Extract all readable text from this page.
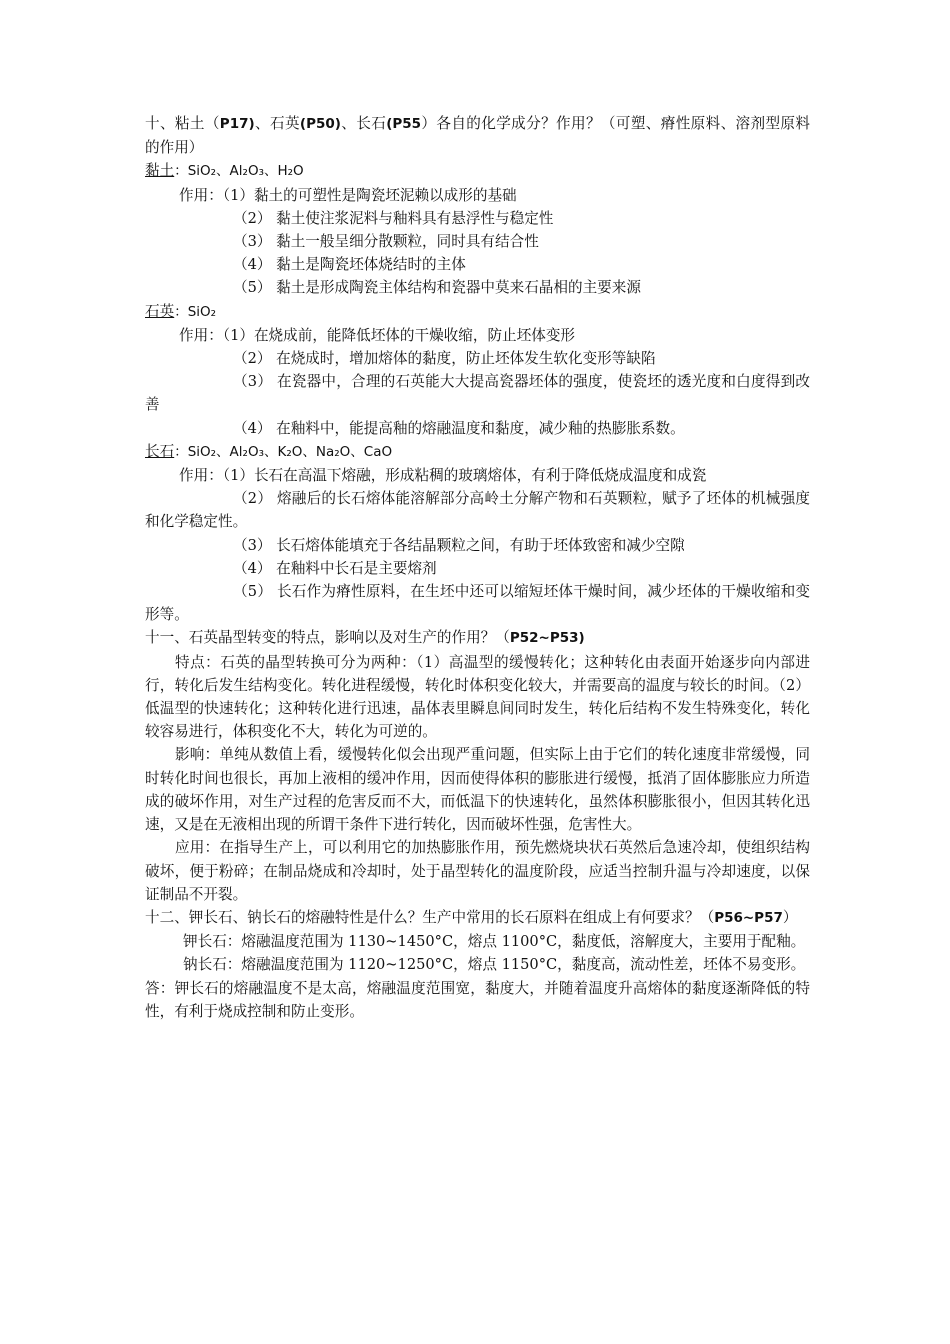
十、粘土（P17)、石英(P50)、长石(P55）各自的化学成分？作用？（可塑、瘠性原料、溶剂型原料的作用）

黏土：SiO₂、Al₂O₃、H₂O

作用：（1）黏土的可塑性是陶瓷坯泥赖以成形的基础

（2） 黏土使注浆泥料与釉料具有悬浮性与稳定性

（3） 黏土一般呈细分散颗粒，同时具有结合性

（4） 黏土是陶瓷坯体烧结时的主体

（5） 黏土是形成陶瓷主体结构和瓷器中莫来石晶相的主要来源

石英：SiO₂

作用：（1）在烧成前，能降低坯体的干燥收缩，防止坯体变形

（2） 在烧成时，增加熔体的黏度，防止坯体发生软化变形等缺陷

（3） 在瓷器中，合理的石英能大大提高瓷器坯体的强度，使瓷坯的透光度和白度得到改善

（4） 在釉料中，能提高釉的熔融温度和黏度，减少釉的热膨胀系数。

长石：SiO₂、Al₂O₃、K₂O、Na₂O、CaO

作用：（1）长石在高温下熔融，形成粘稠的玻璃熔体，有利于降低烧成温度和成瓷

（2） 熔融后的长石熔体能溶解部分高岭土分解产物和石英颗粒，赋予了坯体的机械强度和化学稳定性。

（3） 长石熔体能填充于各结晶颗粒之间，有助于坯体致密和减少空隙

（4） 在釉料中长石是主要熔剂

（5） 长石作为瘠性原料，在生坯中还可以缩短坯体干燥时间，减少坯体的干燥收缩和变形等。

十一、石英晶型转变的特点，影响以及对生产的作用？（P52~P53)

特点：石英的晶型转换可分为两种：（1）高温型的缓慢转化；这种转化由表面开始逐步向内部进行，转化后发生结构变化。转化进程缓慢，转化时体积变化较大，并需要高的温度与较长的时间。（2）低温型的快速转化；这种转化进行迅速，晶体表里瞬息间同时发生，转化后结构不发生特殊变化，转化较容易进行，体积变化不大，转化为可逆的。

影响：单纯从数值上看，缓慢转化似会出现严重问题，但实际上由于它们的转化速度非常缓慢，同时转化时间也很长，再加上液相的缓冲作用，因而使得体积的膨胀进行缓慢，抵消了固体膨胀应力所造成的破坏作用，对生产过程的危害反而不大，而低温下的快速转化，虽然体积膨胀很小，但因其转化迅速，又是在无液相出现的所谓干条件下进行转化，因而破坏性强，危害性大。

应用：在指导生产上，可以利用它的加热膨胀作用，预先燃烧块状石英然后急速冷却，使组织结构破坏，便于粉碎；在制品烧成和冷却时，处于晶型转化的温度阶段，应适当控制升温与冷却速度，以保证制品不开裂。

十二、钾长石、钠长石的熔融特性是什么？生产中常用的长石原料在组成上有何要求？（P56~P57）

钾长石：熔融温度范围为 1130~1450°C，熔点 1100°C，黏度低，溶解度大，主要用于配釉。

钠长石：熔融温度范围为 1120~1250°C，熔点 1150°C，黏度高，流动性差，坯体不易变形。

答：钾长石的熔融温度不是太高，熔融温度范围宽，黏度大，并随着温度升高熔体的黏度逐渐降低的特性，有利于烧成控制和防止变形。
